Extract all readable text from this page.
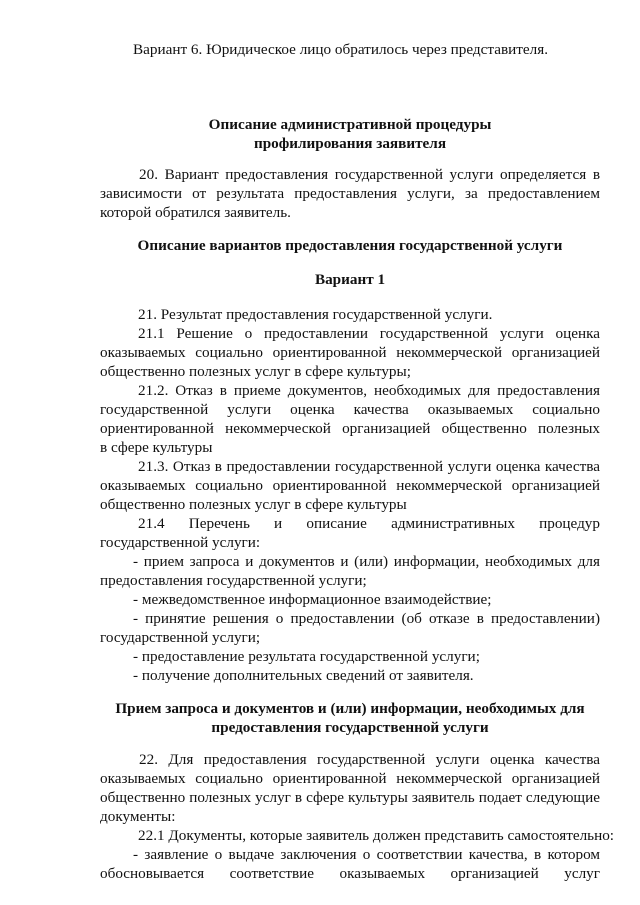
Вариант 6. Юридическое лицо обратилось через представителя.
Описание административной процедуры
профилирования заявителя
20. Вариант предоставления государственной услуги определяется в
зависимости от результата предоставления услуги, за предоставлением
которой обратился заявитель.
Описание вариантов предоставления государственной услуги
Вариант 1
21. Результат предоставления государственной услуги.
21.1 Решение о предоставлении государственной услуги оценка
оказываемых социально ориентированной некоммерческой организацией
общественно полезных услуг в сфере культуры;
21.2. Отказ в приеме документов, необходимых для предоставления
государственной услуги оценка качества оказываемых социально
ориентированной некоммерческой организацией общественно полезных
в сфере культуры
21.3. Отказ в предоставлении государственной услуги оценка качества
оказываемых социально ориентированной некоммерческой организацией
общественно полезных услуг в сфере культуры
21.4 Перечень и описание административных процедур
государственной услуги:
- прием запроса и документов и (или) информации, необходимых для
предоставления государственной услуги;
- межведомственное информационное взаимодействие;
- принятие решения о предоставлении (об отказе в предоставлении)
государственной услуги;
- предоставление результата государственной услуги;
- получение дополнительных сведений от заявителя.
Прием запроса и документов и (или) информации, необходимых для
предоставления государственной услуги
22. Для предоставления государственной услуги оценка качества
оказываемых социально ориентированной некоммерческой организацией
общественно полезных услуг в сфере культуры заявитель подает следующие
документы:
22.1 Документы, которые заявитель должен представить самостоятельно:
- заявление о выдаче заключения о соответствии качества, в котором
обосновывается соответствие оказываемых организацией услуг
